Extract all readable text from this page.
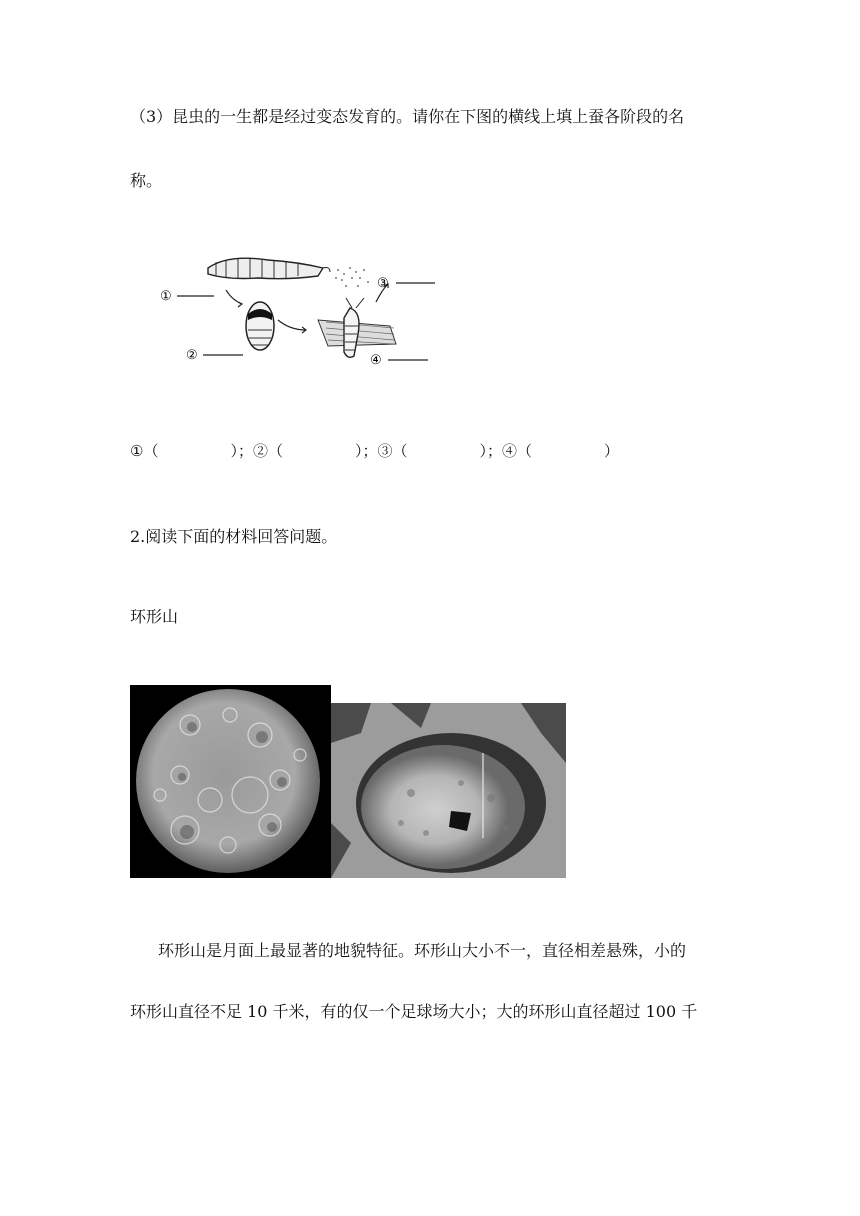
（3）昆虫的一生都是经过变态发育的。请你在下图的横线上填上蚕各阶段的名
称。
①
②
③
④
①（	）；②（	）；③（	）；④（	）
2.阅读下面的材料回答问题。
环形山
环形山是月面上最显著的地貌特征。环形山大小不一，直径相差悬殊，小的
环形山直径不足 10 千米，有的仅一个足球场大小；大的环形山直径超过 100 千
